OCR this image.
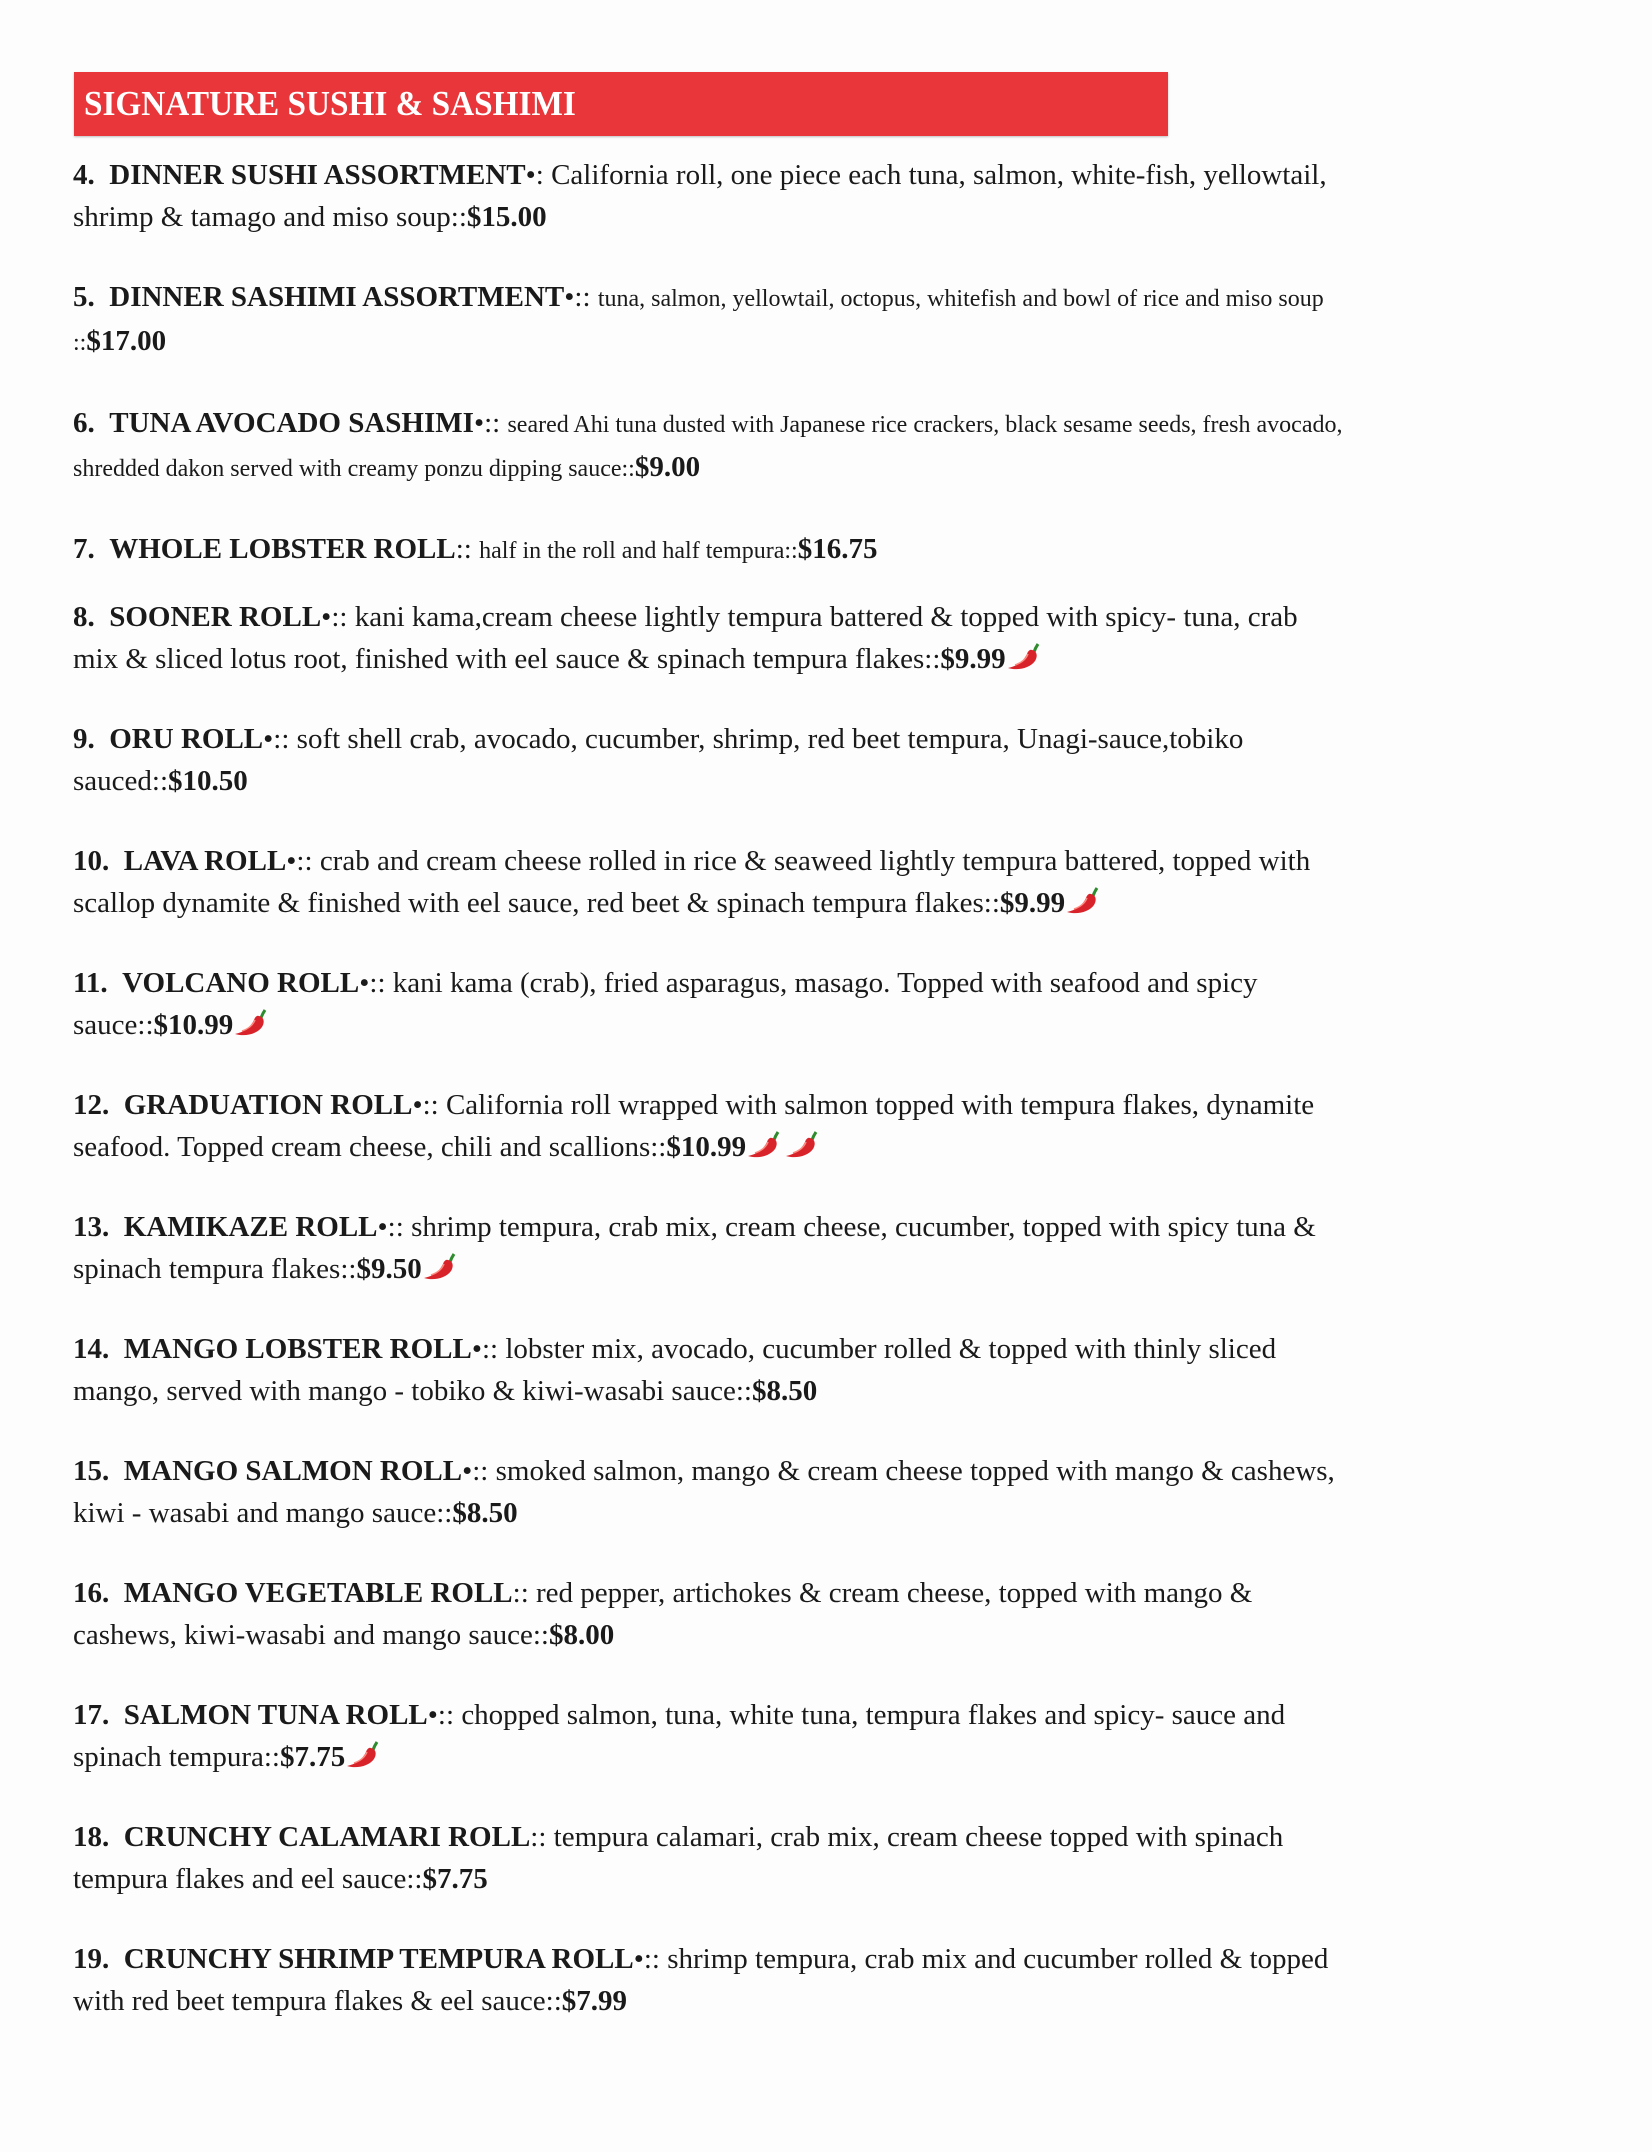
SIGNATURE SUSHI & SASHIMI
4. DINNER SUSHI ASSORTMENT•: California roll, one piece each tuna, salmon, white-fish, yellowtail, shrimp & tamago and miso soup::$15.00
5. DINNER SASHIMI ASSORTMENT•:: tuna, salmon, yellowtail, octopus, whitefish and bowl of rice and miso soup ::$17.00
6. TUNA AVOCADO SASHIMI•:: seared Ahi tuna dusted with Japanese rice crackers, black sesame seeds, fresh avocado, shredded dakon served with creamy ponzu dipping sauce::$9.00
7. WHOLE LOBSTER ROLL:: half in the roll and half tempura::$16.75
8. SOONER ROLL•:: kani kama,cream cheese lightly tempura battered & topped with spicy- tuna, crab mix & sliced lotus root, finished with eel sauce & spinach tempura flakes::$9.99
9. ORU ROLL•:: soft shell crab, avocado, cucumber, shrimp, red beet tempura, Unagi-sauce,tobiko sauced::$10.50
10. LAVA ROLL•:: crab and cream cheese rolled in rice & seaweed lightly tempura battered, topped with scallop dynamite & finished with eel sauce, red beet & spinach tempura flakes::$9.99
11. VOLCANO ROLL•:: kani kama (crab), fried asparagus, masago. Topped with seafood and spicy sauce::$10.99
12. GRADUATION ROLL•:: California roll wrapped with salmon topped with tempura flakes, dynamite seafood. Topped cream cheese, chili and scallions::$10.99
13. KAMIKAZE ROLL•:: shrimp tempura, crab mix, cream cheese, cucumber, topped with spicy tuna & spinach tempura flakes::$9.50
14. MANGO LOBSTER ROLL•:: lobster mix, avocado, cucumber rolled & topped with thinly sliced mango, served with mango - tobiko & kiwi-wasabi sauce::$8.50
15. MANGO SALMON ROLL•:: smoked salmon, mango & cream cheese topped with mango & cashews, kiwi - wasabi and mango sauce::$8.50
16. MANGO VEGETABLE ROLL:: red pepper, artichokes & cream cheese, topped with mango & cashews, kiwi-wasabi and mango sauce::$8.00
17. SALMON TUNA ROLL•:: chopped salmon, tuna, white tuna, tempura flakes and spicy- sauce and spinach tempura::$7.75
18. CRUNCHY CALAMARI ROLL:: tempura calamari, crab mix, cream cheese topped with spinach tempura flakes and eel sauce::$7.75
19. CRUNCHY SHRIMP TEMPURA ROLL•:: shrimp tempura, crab mix and cucumber rolled & topped with red beet tempura flakes & eel sauce::$7.99
